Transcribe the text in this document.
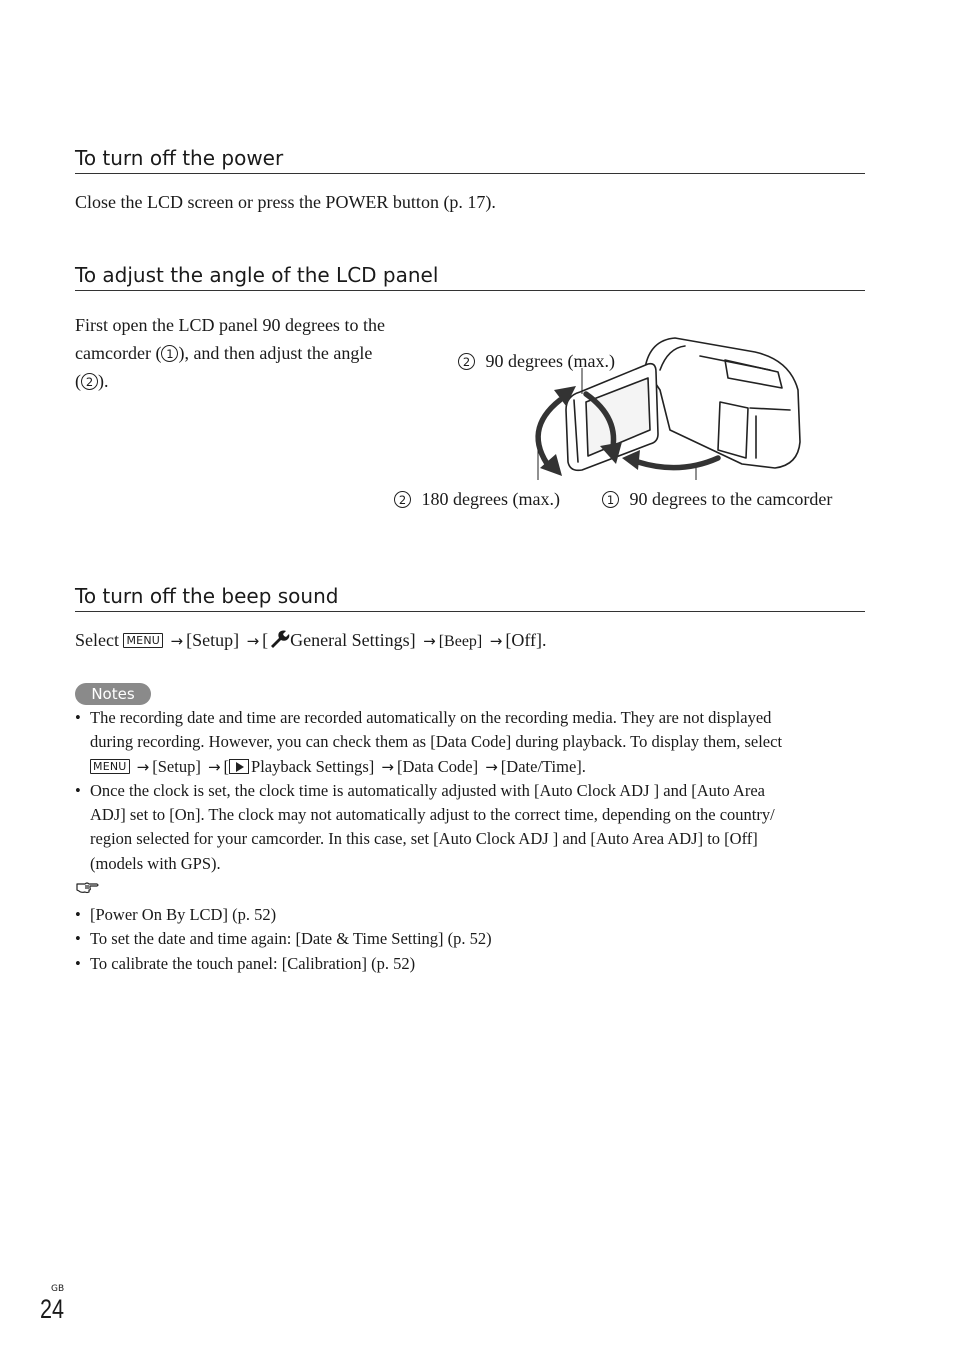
To turn off the power
Close the LCD screen or press the POWER button (p. 17).
To adjust the angle of the LCD panel
First open the LCD panel 90 degrees to the
camcorder ( 1 ), and then adjust the angle
( 2 ).
2 90 degrees (max.)
2 180 degrees (max.)	1 90 degrees to the camcorder
To turn off the beep sound
Select MENU → [Setup] → [ General Settings] → [Beep] → [Off].
Notes
• The recording date and time are recorded automatically on the recording media. They are not displayed
during recording. However, you can check them as [Data Code] during playback. To display them, select
MENU → [Setup] → [ Playback Settings] → [Data Code] → [Date/Time].
• Once the clock is set, the clock time is automatically adjusted with [Auto Clock ADJ ] and [Auto Area
ADJ] set to [On]. The clock may not automatically adjust to the correct time, depending on the country/
region selected for your camcorder. In this case, set [Auto Clock ADJ ] and [Auto Area ADJ] to [Off]
(models with GPS).
• [Power On By LCD] (p. 52)
• To set the date and time again: [Date & Time Setting] (p. 52)
• To calibrate the touch panel: [Calibration] (p. 52)
GB
24
